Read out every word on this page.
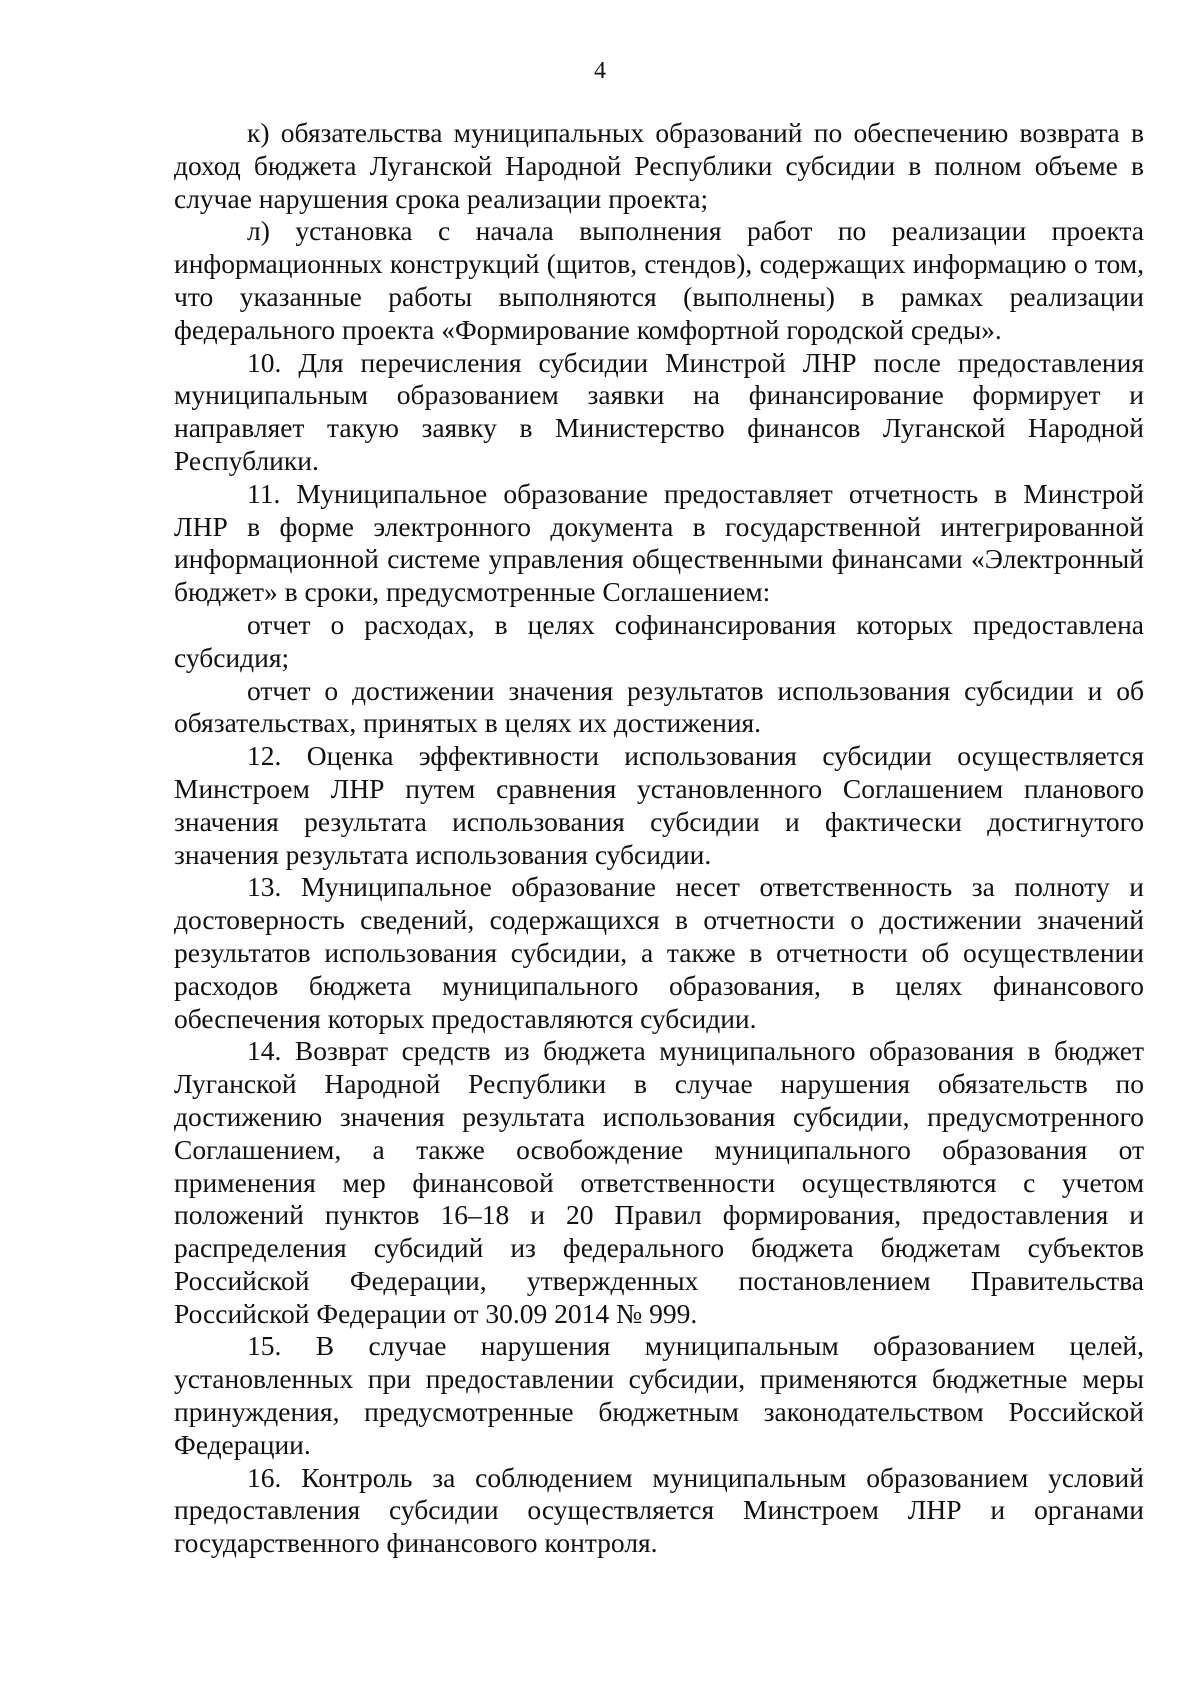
4

к) обязательства муниципальных образований по обеспечению возврата в доход бюджета Луганской Народной Республики субсидии в полном объеме в случае нарушения срока реализации проекта;

л) установка с начала выполнения работ по реализации проекта информационных конструкций (щитов, стендов), содержащих информацию о том, что указанные работы выполняются (выполнены) в рамках реализации федерального проекта «Формирование комфортной городской среды».

10. Для перечисления субсидии Минстрой ЛНР после предоставления муниципальным образованием заявки на финансирование формирует и направляет такую заявку в Министерство финансов Луганской Народной Республики.

11. Муниципальное образование предоставляет отчетность в Минстрой ЛНР в форме электронного документа в государственной интегрированной информационной системе управления общественными финансами «Электронный бюджет» в сроки, предусмотренные Соглашением:

отчет о расходах, в целях софинансирования которых предоставлена субсидия;

отчет о достижении значения результатов использования субсидии и об обязательствах, принятых в целях их достижения.

12. Оценка эффективности использования субсидии осуществляется Минстроем ЛНР путем сравнения установленного Соглашением планового значения результата использования субсидии и фактически достигнутого значения результата использования субсидии.

13. Муниципальное образование несет ответственность за полноту и достоверность сведений, содержащихся в отчетности о достижении значений результатов использования субсидии, а также в отчетности об осуществлении расходов бюджета муниципального образования, в целях финансового обеспечения которых предоставляются субсидии.

14. Возврат средств из бюджета муниципального образования в бюджет Луганской Народной Республики в случае нарушения обязательств по достижению значения результата использования субсидии, предусмотренного Соглашением, а также освобождение муниципального образования от применения мер финансовой ответственности осуществляются с учетом положений пунктов 16–18 и 20 Правил формирования, предоставления и распределения субсидий из федерального бюджета бюджетам субъектов Российской Федерации, утвержденных постановлением Правительства Российской Федерации от 30.09 2014 № 999.

15. В случае нарушения муниципальным образованием целей, установленных при предоставлении субсидии, применяются бюджетные меры принуждения, предусмотренные бюджетным законодательством Российской Федерации.

16. Контроль за соблюдением муниципальным образованием условий предоставления субсидии осуществляется Минстроем ЛНР и органами государственного финансового контроля.
